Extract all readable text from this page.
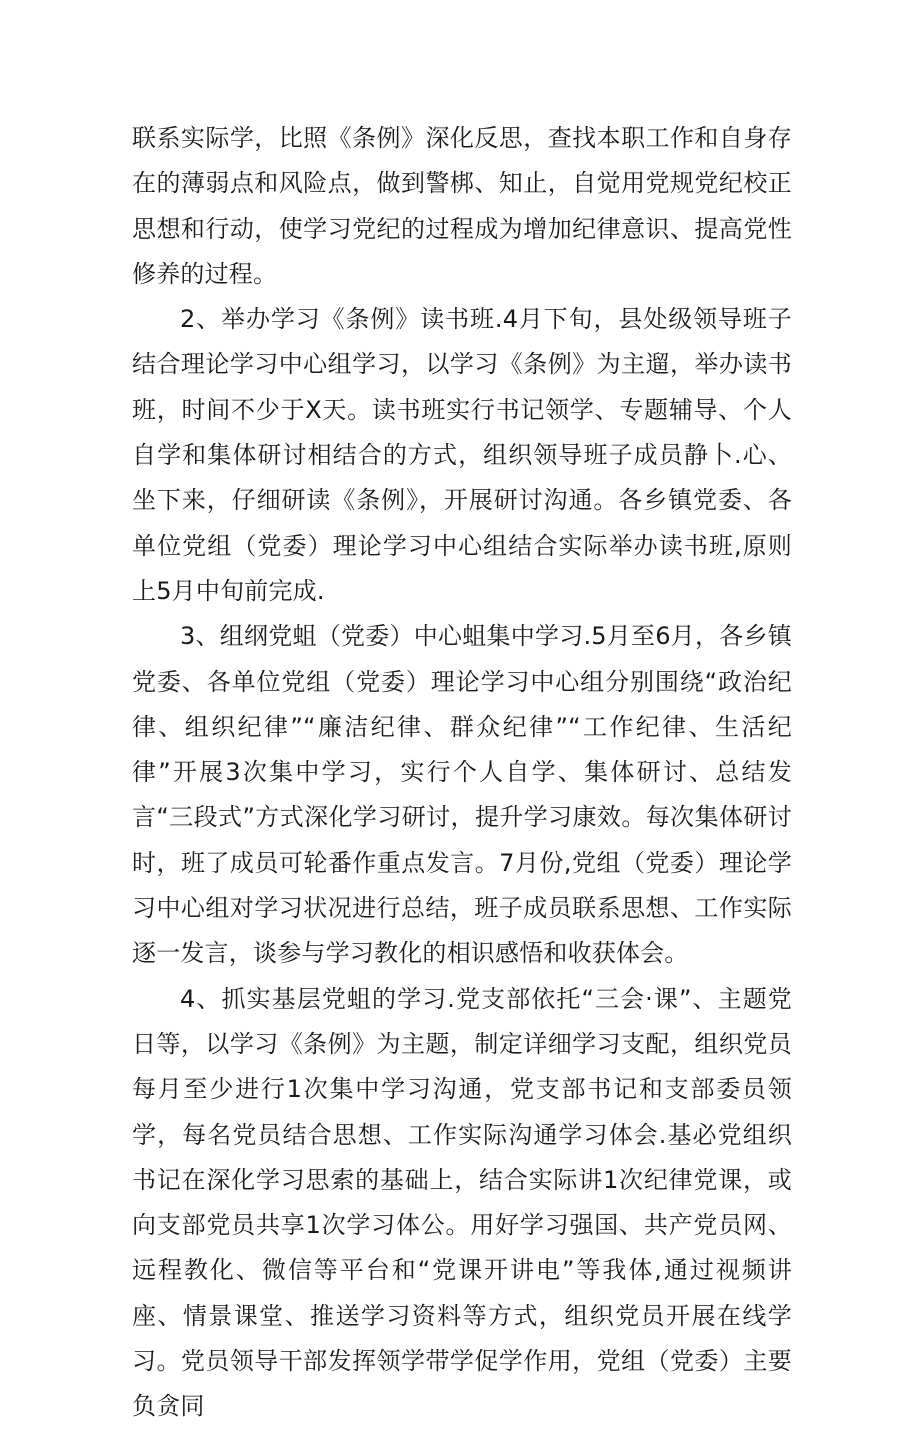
联系实际学，比照《条例》深化反思，查找本职工作和自身存在的薄弱点和风险点，做到警梆、知止，自觉用党规党纪校正思想和行动，使学习党纪的过程成为增加纪律意识、提高党性修养的过程。

2、举办学习《条例》读书班.4月下旬，县处级领导班子结合理论学习中心组学习，以学习《条例》为主遛，举办读书班，时间不少于X天。读书班实行书记领学、专题辅导、个人自学和集体研讨相结合的方式，组织领导班子成员静卜.心、坐下来，仔细研读《条例》，开展研讨沟通。各乡镇党委、各单位党组（党委）理论学习中心组结合实际举办读书班,原则上5月中旬前完成.

3、组纲党蛆（党委）中心蛆集中学习.5月至6月，各乡镇党委、各单位党组（党委）理论学习中心组分别围绕“政治纪律、组织纪律”“廉洁纪律、群众纪律”“工作纪律、生活纪律”开展3次集中学习，实行个人自学、集体研讨、总结发言“三段式”方式深化学习研讨，提升学习康效。每次集体研讨时，班了成员可轮番作重点发言。7月份,党组（党委）理论学习中心组对学习状况进行总结，班子成员联系思想、工作实际逐一发言，谈参与学习教化的相识感悟和收获体会。

4、抓实基层党蛆的学习.党支部依托“三会·课”、主题党日等，以学习《条例》为主题，制定详细学习支配，组织党员每月至少进行1次集中学习沟通，党支部书记和支部委员领学，每名党员结合思想、工作实际沟通学习体会.基必党组织书记在深化学习思索的基础上，结合实际讲1次纪律党课，或向支部党员共享1次学习体公。用好学习强国、共产党员网、远程教化、微信等平台和“党课开讲电”等我体,通过视频讲座、情景课堂、推送学习资料等方式，组织党员开展在线学习。党员领导干部发挥领学带学促学作用，党组（党委）主要负贪同
